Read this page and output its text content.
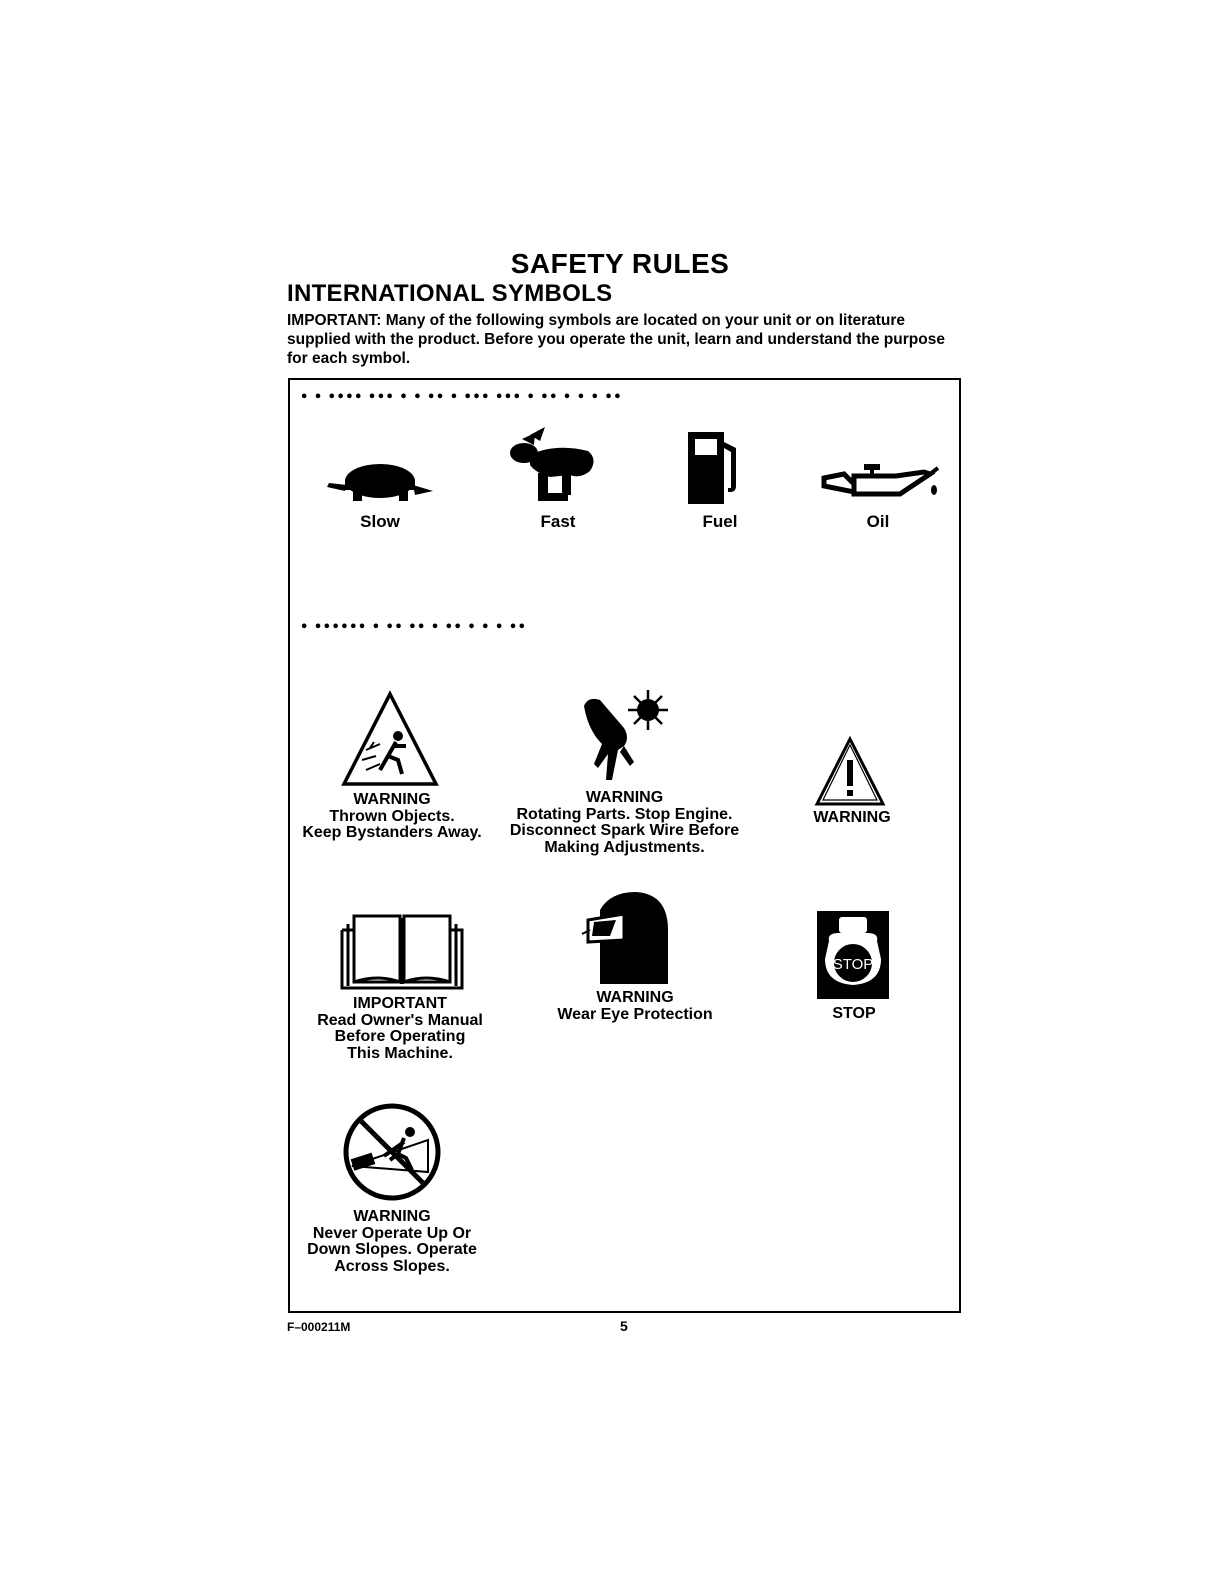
SAFETY RULES
INTERNATIONAL SYMBOLS
IMPORTANT: Many of the following symbols are located on your unit or on literature supplied with the product. Before you operate the unit, learn and understand the purpose for each symbol.
• • •••• ••• • • •• • ••• ••• • •• • • • ••
Slow	Fast	Fuel	Oil
• •••••• • •• •• • •• • • • ••
WARNING
Thrown Objects.
Keep Bystanders Away.
WARNING
Rotating Parts. Stop Engine.
Disconnect Spark Wire Before
Making Adjustments.
WARNING
IMPORTANT
Read Owner's Manual
Before Operating
This Machine.
WARNING
Wear Eye Protection
STOP
STOP
WARNING
Never Operate Up Or
Down Slopes. Operate
Across Slopes.
F–000211M	5
